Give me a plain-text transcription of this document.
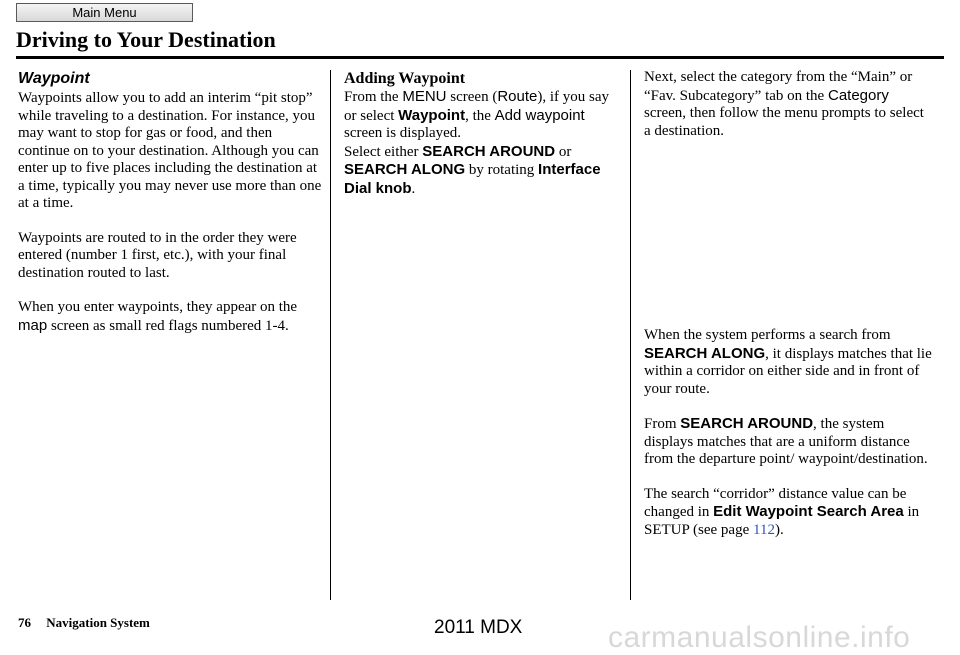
Main Menu
Driving to Your Destination
Waypoint

Waypoints allow you to add an interim “pit stop” while traveling to a destination. For instance, you may want to stop for gas or food, and then continue on to your destination. Although you can enter up to five places including the destination at a time, typically you may never use more than one at a time.

Waypoints are routed to in the order they were entered (number 1 first, etc.), with your final destination routed to last.

When you enter waypoints, they appear on the map screen as small red flags numbered 1-4.

Adding Waypoint
From the MENU screen (Route), if you say or select Waypoint, the Add waypoint screen is displayed.
Select either SEARCH AROUND or SEARCH ALONG by rotating Interface Dial knob.

Next, select the category from the “Main” or “Fav. Subcategory” tab on the Category screen, then follow the menu prompts to select a destination.

When the system performs a search from SEARCH ALONG, it displays matches that lie within a corridor on either side and in front of your route.

From SEARCH AROUND, the system displays matches that are a uniform distance from the departure point/ waypoint/destination.

The search “corridor” distance value can be changed in Edit Waypoint Search Area in SETUP (see page 112).

76 Navigation System	2011 MDX	carmanualsonline.info
